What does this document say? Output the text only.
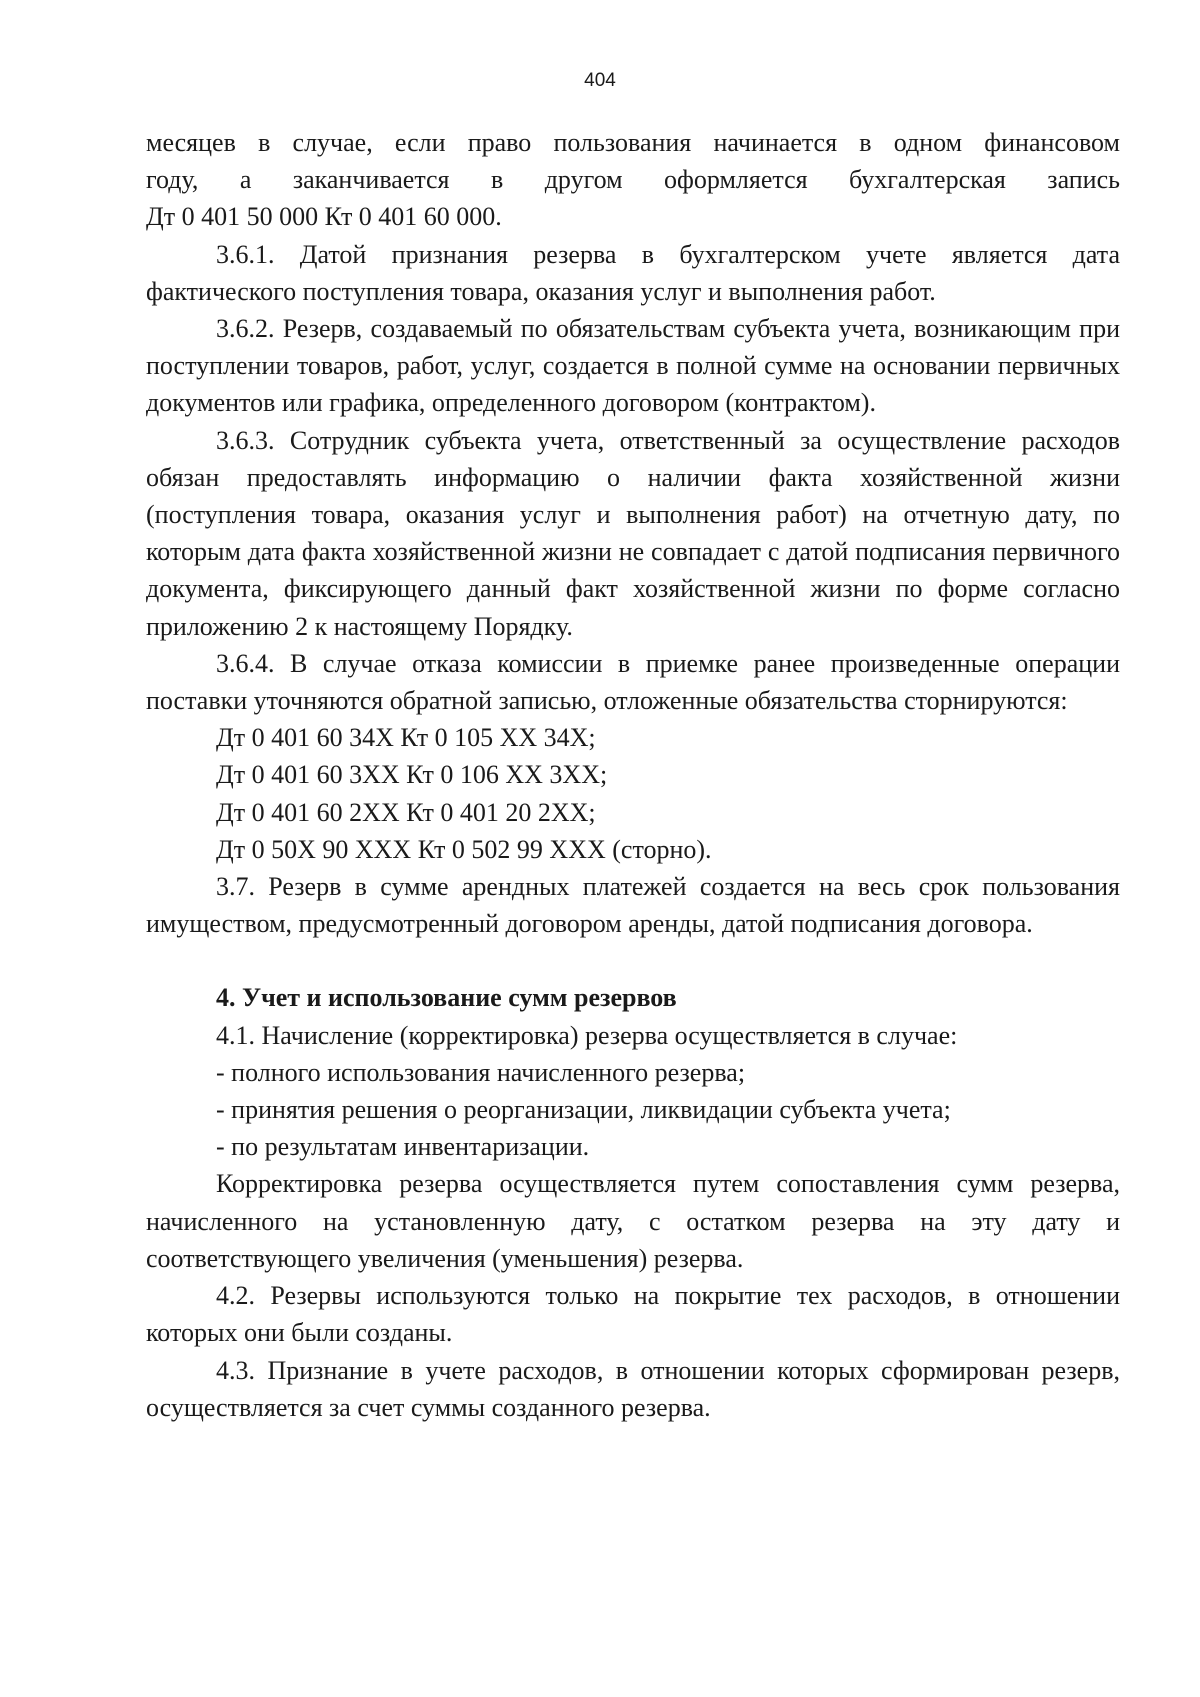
404

месяцев в случае, если право пользования начинается в одном финансовом

году, а заканчивается в другом оформляется бухгалтерская запись

Дт 0 401 50 000 Кт 0 401 60 000.

3.6.1. Датой признания резерва в бухгалтерском учете является дата фактического поступления товара, оказания услуг и выполнения работ.

3.6.2. Резерв, создаваемый по обязательствам субъекта учета, возникающим при поступлении товаров, работ, услуг, создается в полной сумме на основании первичных документов или графика, определенного договором (контрактом).

3.6.3. Сотрудник субъекта учета, ответственный за осуществление расходов обязан предоставлять информацию о наличии факта хозяйственной жизни (поступления товара, оказания услуг и выполнения работ) на отчетную дату, по которым дата факта хозяйственной жизни не совпадает с датой подписания первичного документа, фиксирующего данный факт хозяйственной жизни по форме согласно приложению 2 к настоящему Порядку.

3.6.4. В случае отказа комиссии в приемке ранее произведенные операции поставки уточняются обратной записью, отложенные обязательства сторнируются:

Дт 0 401 60 34Х Кт 0 105 ХХ 34Х;

Дт 0 401 60 3ХХ Кт 0 106 ХХ 3ХХ;

Дт 0 401 60 2ХХ Кт 0 401 20 2ХХ;

Дт 0 50Х 90 ХХХ Кт 0 502 99 ХХХ (сторно).

3.7. Резерв в сумме арендных платежей создается на весь срок пользования имуществом, предусмотренный договором аренды, датой подписания договора.

4. Учет и использование сумм резервов

4.1. Начисление (корректировка) резерва осуществляется в случае:

- полного использования начисленного резерва;

- принятия решения о реорганизации, ликвидации субъекта учета;

- по результатам инвентаризации.

Корректировка резерва осуществляется путем сопоставления сумм резерва, начисленного на установленную дату, с остатком резерва на эту дату и соответствующего увеличения (уменьшения) резерва.

4.2. Резервы используются только на покрытие тех расходов, в отношении которых они были созданы.

4.3. Признание в учете расходов, в отношении которых сформирован резерв, осуществляется за счет суммы созданного резерва.
